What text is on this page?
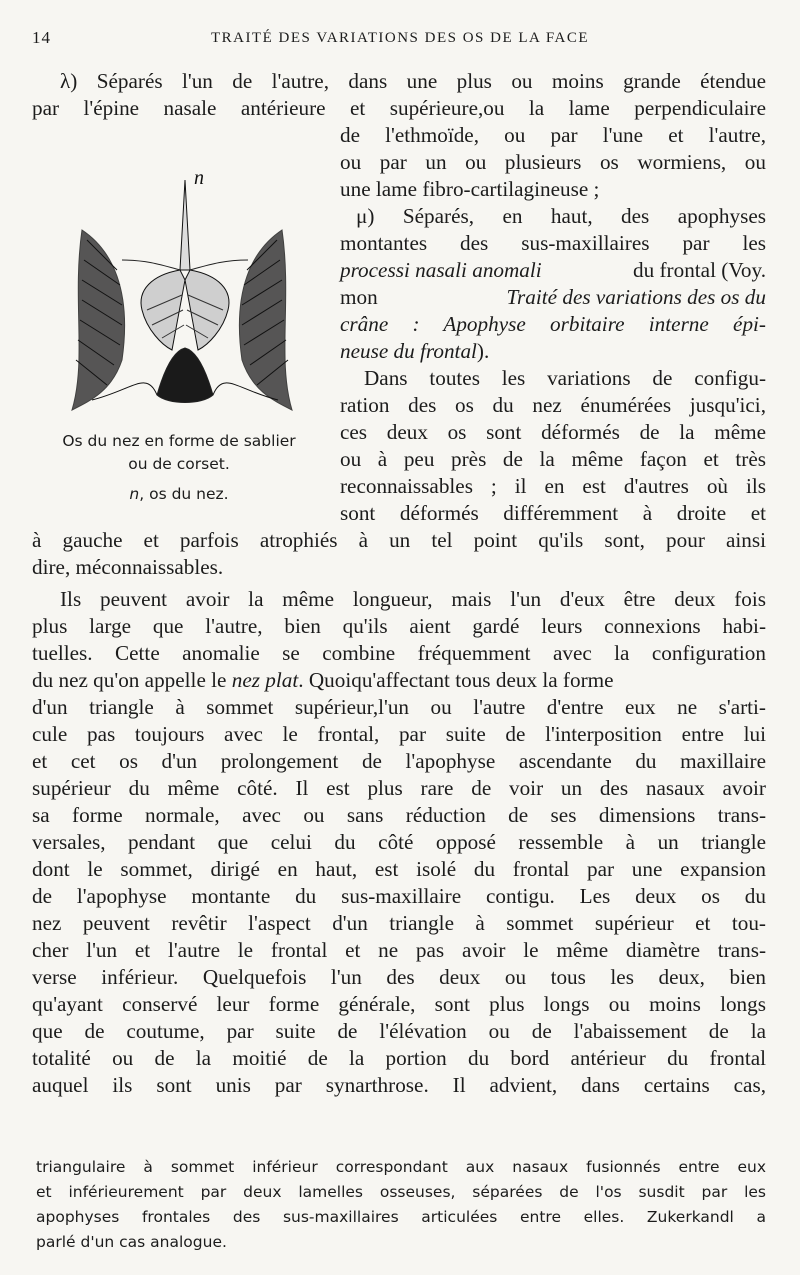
14	TRAITÉ DES VARIATIONS DES OS DE LA FACE
λ) Séparés l'un de l'autre, dans une plus ou moins grande étendue
par l'épine nasale antérieure et supérieure,ou la lame perpendiculaire
de l'ethmoïde, ou par l'une et l'autre,
ou par un ou plusieurs os wormiens, ou
une lame fibro-cartilagineuse ;
μ) Séparés, en haut, des apophyses
montantes des sus-maxillaires par les
processi nasali anomali	du frontal (Voy.
mon	Traité des variations des os du
crâne : Apophyse orbitaire interne épi-
neuse du frontal).
Dans toutes les variations de configu-
ration des os du nez énumérées jusqu'ici,
ces deux os sont déformés de la même
ou à peu près de la même façon et très
reconnaissables ; il en est d'autres où ils
sont déformés différemment à droite et
n
Os du nez en forme de sablier
ou de corset.
n, os du nez.
à gauche et parfois atrophiés à un tel point qu'ils sont, pour ainsi
dire, méconnaissables.
Ils peuvent avoir la même longueur, mais l'un d'eux être deux fois
plus large que l'autre, bien qu'ils aient gardé leurs connexions habi-
tuelles. Cette anomalie se combine fréquemment avec la configuration
du nez qu'on appelle le nez plat. Quoiqu'affectant tous deux la forme
d'un triangle à sommet supérieur,l'un ou l'autre d'entre eux ne s'arti-
cule pas toujours avec le frontal, par suite de l'interposition entre lui
et cet os d'un prolongement de l'apophyse ascendante du maxillaire
supérieur du même côté. Il est plus rare de voir un des nasaux avoir
sa forme normale, avec ou sans réduction de ses dimensions trans-
versales, pendant que celui du côté opposé ressemble à un triangle
dont le sommet, dirigé en haut, est isolé du frontal par une expansion
de l'apophyse montante du sus-maxillaire contigu. Les deux os du
nez peuvent revêtir l'aspect d'un triangle à sommet supérieur et tou-
cher l'un et l'autre le frontal et ne pas avoir le même diamètre trans-
verse inférieur. Quelquefois l'un des deux ou tous les deux, bien
qu'ayant conservé leur forme générale, sont plus longs ou moins longs
que de coutume, par suite de l'élévation ou de l'abaissement de la
totalité ou de la moitié de la portion du bord antérieur du frontal
auquel ils sont unis par synarthrose. Il advient, dans certains cas,
triangulaire à sommet inférieur correspondant aux nasaux fusionnés entre eux
et inférieurement par deux lamelles osseuses, séparées de l'os susdit par les
apophyses frontales des sus-maxillaires articulées entre elles. Zukerkandl a
parlé d'un cas analogue.
